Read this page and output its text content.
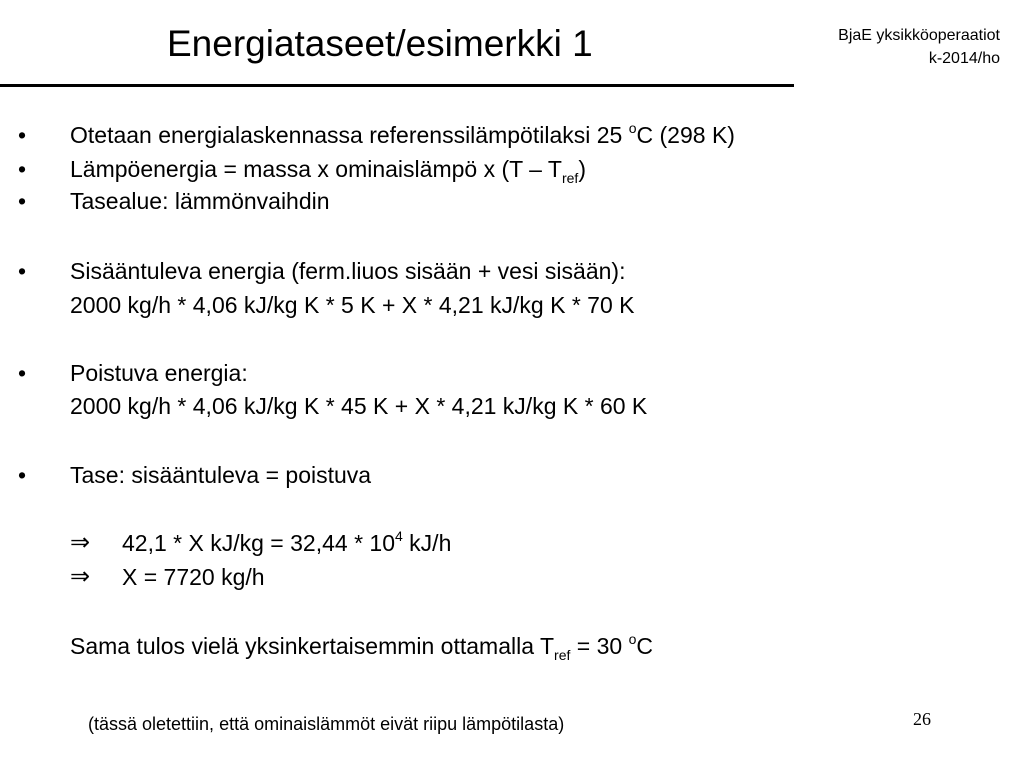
Energiataseet/esimerkki 1	BjaE yksikköoperaatiot
k-2014/ho
• Otetaan energialaskennassa referenssilämpötilaksi 25 $^o$C (298 K)
• Lämpöenergia = massa x ominaislämpö x $(T - T_{ref})$
• Tasealue: lämmönvaihdin
• Sisääntuleva energia (ferm.liuos sisään + vesi sisään):
2000 kg/h * 4,06 kJ/kg K * 5 K + X * 4,21 kJ/kg K * 70 K
• Poistuva energia:
2000 kg/h * 4,06 kJ/kg K * 45 K + X * 4,21 kJ/kg K * 60 K
• Tase: sisääntuleva = poistuva
⇒ 42,1 * X $kJ/kg = 32,44 * 10^4$ kJ/h
⇒ X = 7720 kg/h
Sama tulos vielä yksinkertaisemmin ottamalla $T_{ref} = 30$ $^o$C
(tässä oletettiin, että ominaislämmöt eivät riipu lämpötilasta)	26
